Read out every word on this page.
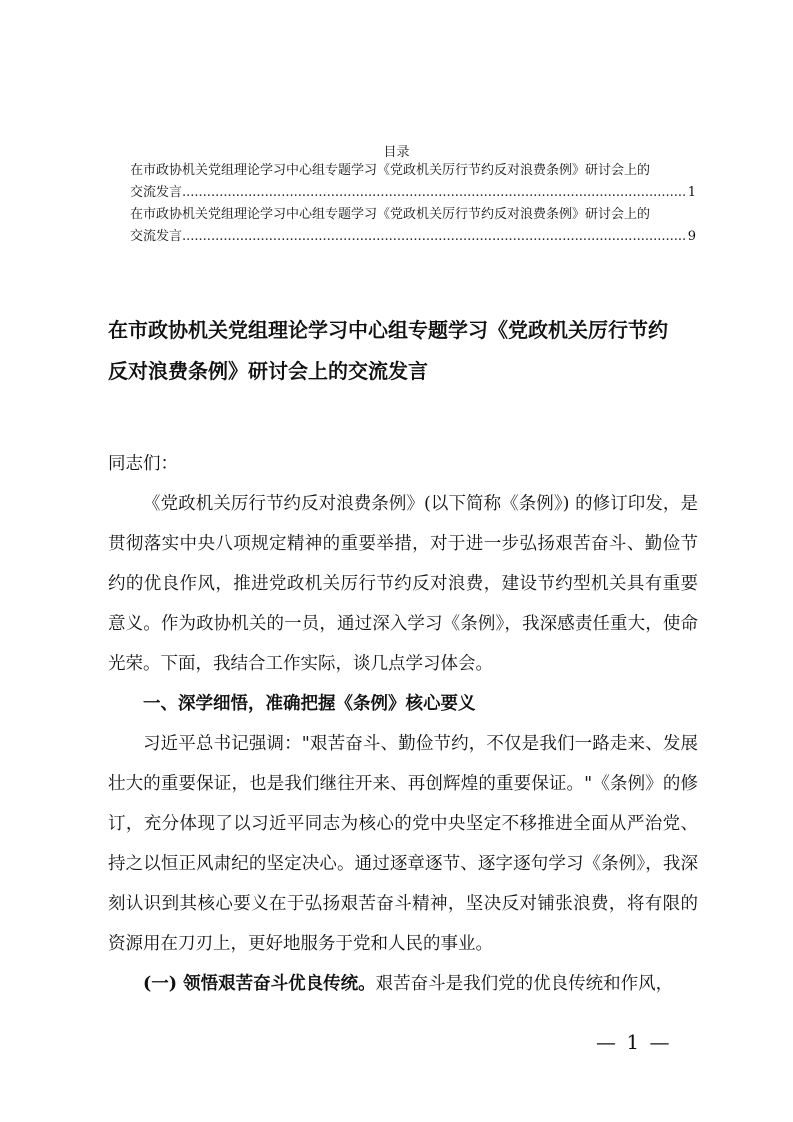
目录
在市政协机关党组理论学习中心组专题学习《党政机关厉行节约反对浪费条例》研讨会上的
交流发言 .....	1
在市政协机关党组理论学习中心组专题学习《党政机关厉行节约反对浪费条例》研讨会上的
交流发言 .....	9
在市政协机关党组理论学习中心组专题学习《党政机关厉行节约
反对浪费条例》研讨会上的交流发言

同志们：

《党政机关厉行节约反对浪费条例》(以下简称《条例》) 的修订印发，是贯彻落实中央八项规定精神的重要举措，对于进一步弘扬艰苦奋斗、勤俭节约的优良作风，推进党政机关厉行节约反对浪费，建设节约型机关具有重要意义。作为政协机关的一员，通过深入学习《条例》，我深感责任重大，使命光荣。下面，我结合工作实际，谈几点学习体会。

一、深学细悟，准确把握《条例》核心要义

习近平总书记强调："艰苦奋斗、勤俭节约，不仅是我们一路走来、发展壮大的重要保证，也是我们继往开来、再创辉煌的重要保证。"《条例》的修订，充分体现了以习近平同志为核心的党中央坚定不移推进全面从严治党、持之以恒正风肃纪的坚定决心。通过逐章逐节、逐字逐句学习《条例》，我深刻认识到其核心要义在于弘扬艰苦奋斗精神，坚决反对铺张浪费，将有限的资源用在刀刃上，更好地服务于党和人民的事业。

(一) 领悟艰苦奋斗优良传统。艰苦奋斗是我们党的优良传统和作风，

— 1 —
